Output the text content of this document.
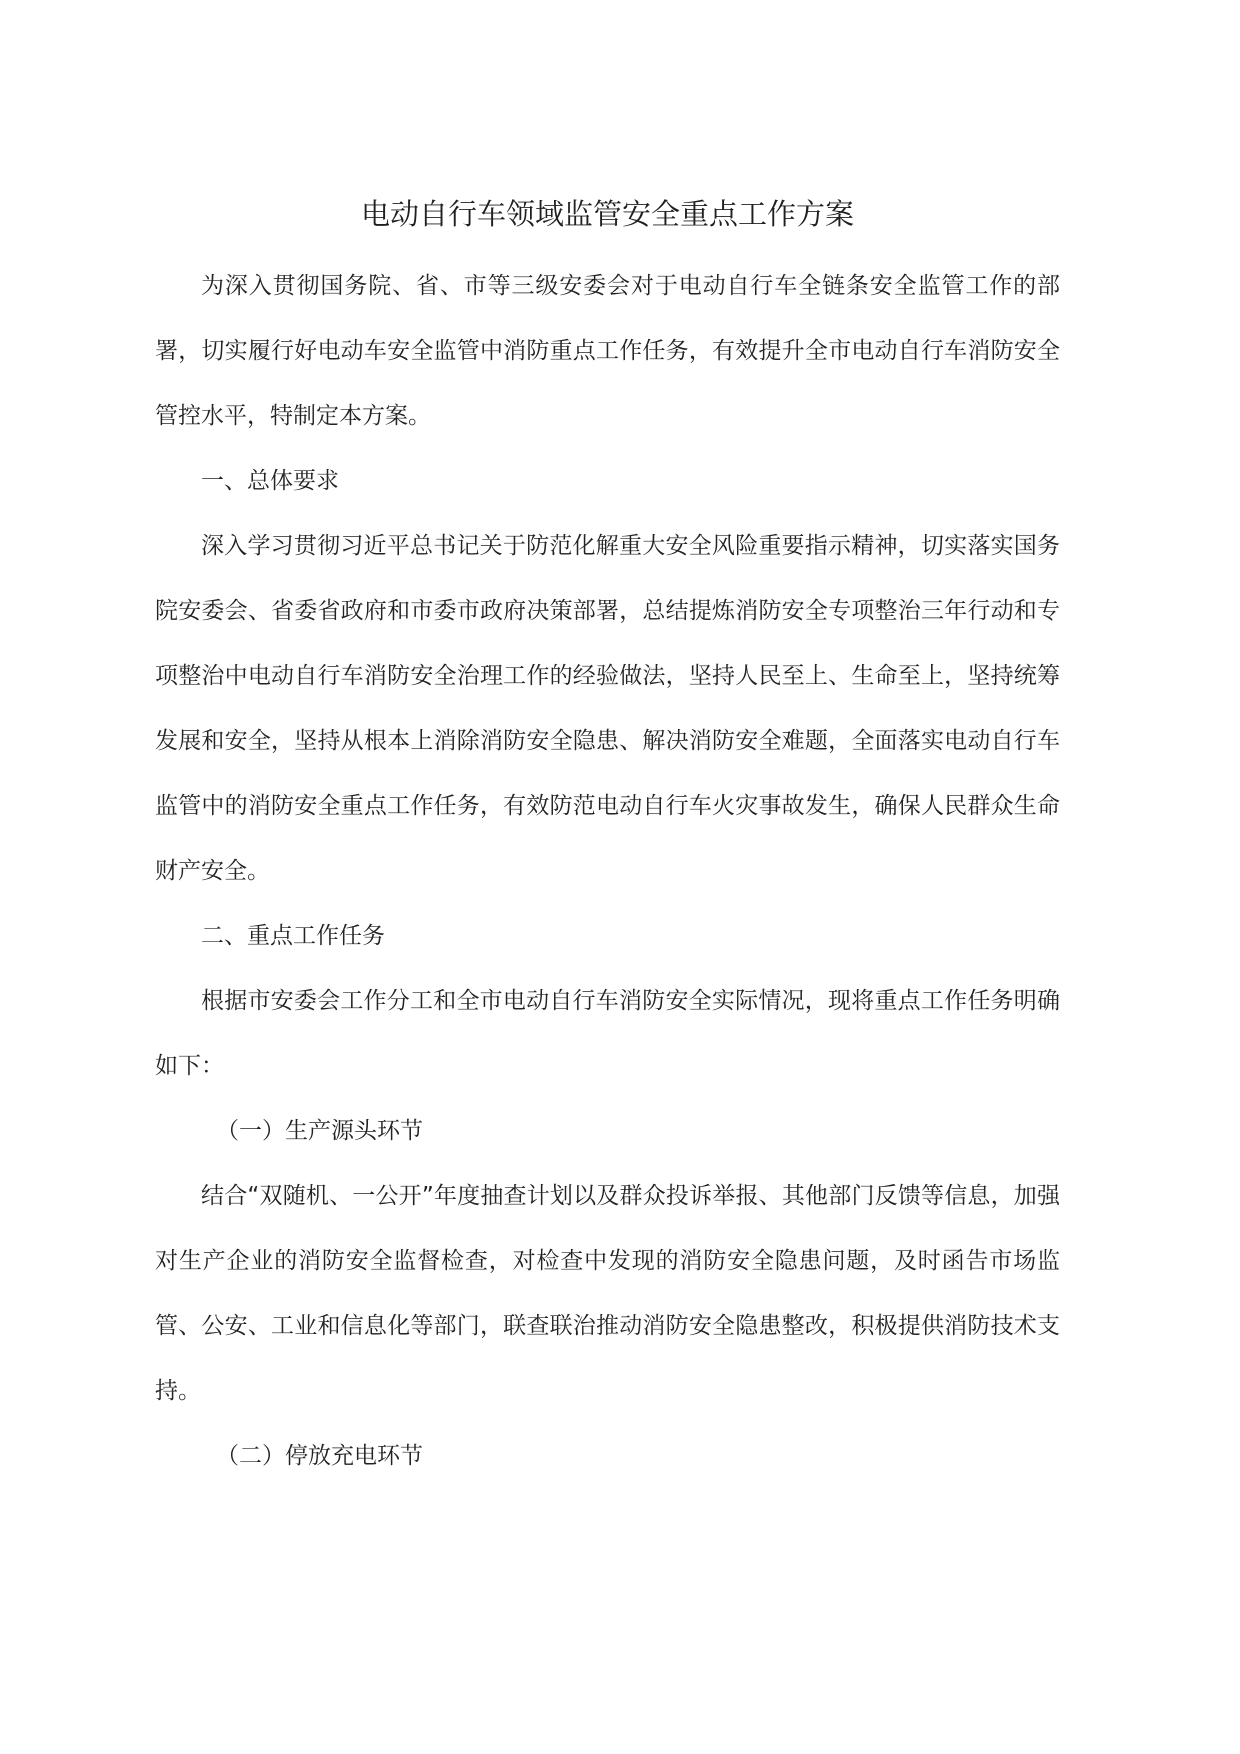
电动自行车领域监管安全重点工作方案

为深入贯彻国务院、省、市等三级安委会对于电动自行车全链条安全监管工作的部署，切实履行好电动车安全监管中消防重点工作任务，有效提升全市电动自行车消防安全管控水平，特制定本方案。

一、总体要求

深入学习贯彻习近平总书记关于防范化解重大安全风险重要指示精神，切实落实国务院安委会、省委省政府和市委市政府决策部署，总结提炼消防安全专项整治三年行动和专项整治中电动自行车消防安全治理工作的经验做法，坚持人民至上、生命至上，坚持统筹发展和安全，坚持从根本上消除消防安全隐患、解决消防安全难题，全面落实电动自行车监管中的消防安全重点工作任务，有效防范电动自行车火灾事故发生，确保人民群众生命财产安全。

二、重点工作任务

根据市安委会工作分工和全市电动自行车消防安全实际情况，现将重点工作任务明确如下：

（一）生产源头环节

结合“双随机、一公开”年度抽查计划以及群众投诉举报、其他部门反馈等信息，加强对生产企业的消防安全监督检查，对检查中发现的消防安全隐患问题，及时函告市场监管、公安、工业和信息化等部门，联查联治推动消防安全隐患整改，积极提供消防技术支持。

（二）停放充电环节
